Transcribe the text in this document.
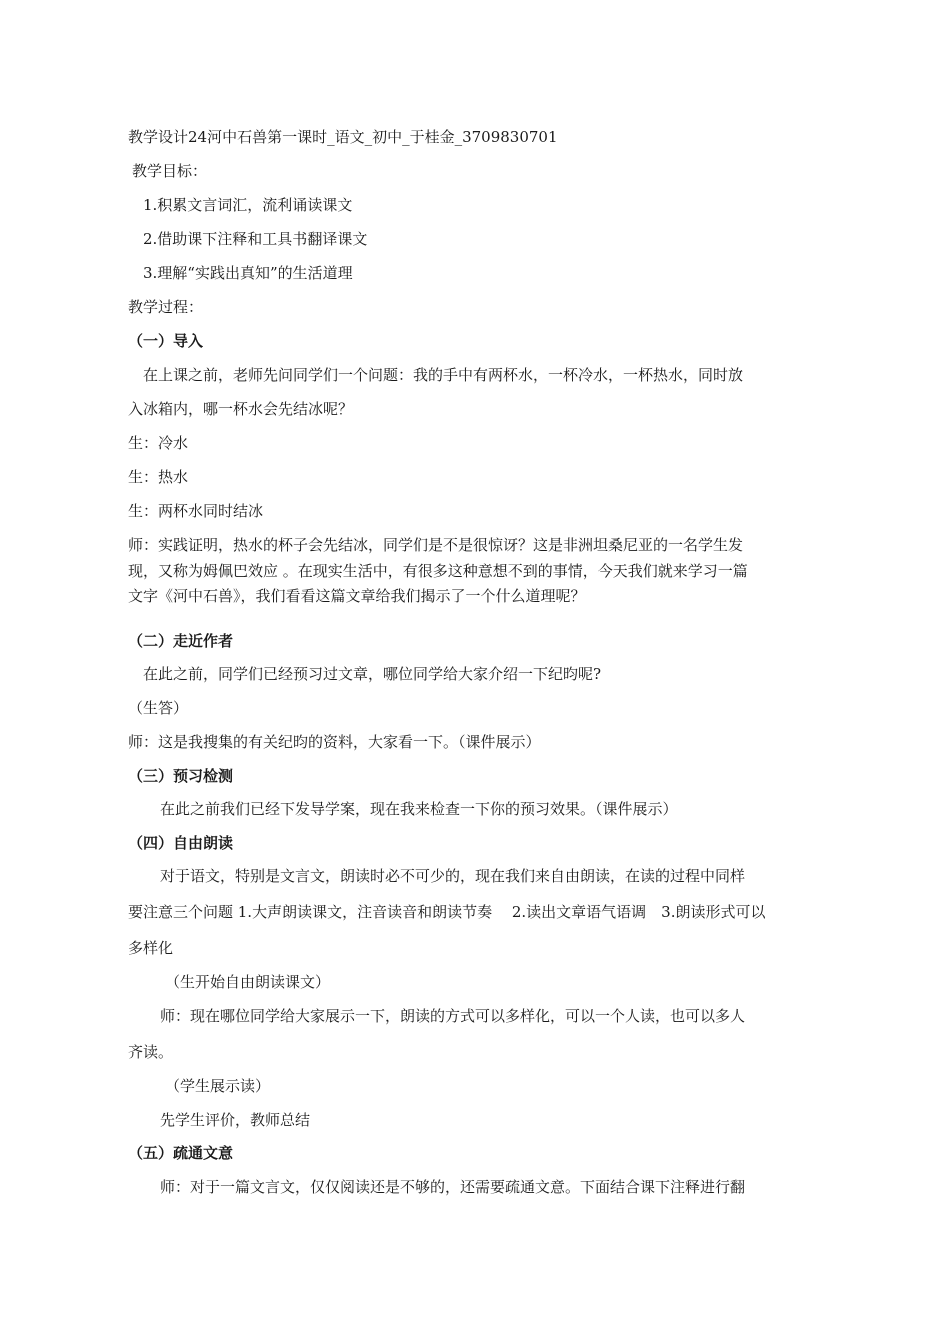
教学设计24河中石兽第一课时_语文_初中_于桂金_3709830701
教学目标：
1.积累文言词汇，流利诵读课文
2.借助课下注释和工具书翻译课文
3.理解“实践出真知”的生活道理
教学过程：
（一）导入
在上课之前，老师先问同学们一个问题：我的手中有两杯水，一杯冷水，一杯热水，同时放
入冰箱内，哪一杯水会先结冰呢？
生：冷水
生：热水
生：两杯水同时结冰
师：实践证明，热水的杯子会先结冰，同学们是不是很惊讶？这是非洲坦桑尼亚的一名学生发
现，又称为姆佩巴效应 。在现实生活中，有很多这种意想不到的事情，今天我们就来学习一篇
文字《河中石兽》，我们看看这篇文章给我们揭示了一个什么道理呢？
（二）走近作者
在此之前，同学们已经预习过文章，哪位同学给大家介绍一下纪昀呢?
（生答）
师：这是我搜集的有关纪昀的资料，大家看一下。（课件展示）
（三）预习检测
在此之前我们已经下发导学案，现在我来检查一下你的预习效果。（课件展示）
（四）自由朗读
对于语文，特别是文言文，朗读时必不可少的，现在我们来自由朗读，在读的过程中同样
要注意三个问题 1.大声朗读课文，注音读音和朗读节奏　 2.读出文章语气语调　3.朗读形式可以
多样化
（生开始自由朗读课文）
师：现在哪位同学给大家展示一下，朗读的方式可以多样化，可以一个人读，也可以多人
齐读。
（学生展示读）
先学生评价，教师总结
（五）疏通文意
师：对于一篇文言文，仅仅阅读还是不够的，还需要疏通文意。下面结合课下注释进行翻
